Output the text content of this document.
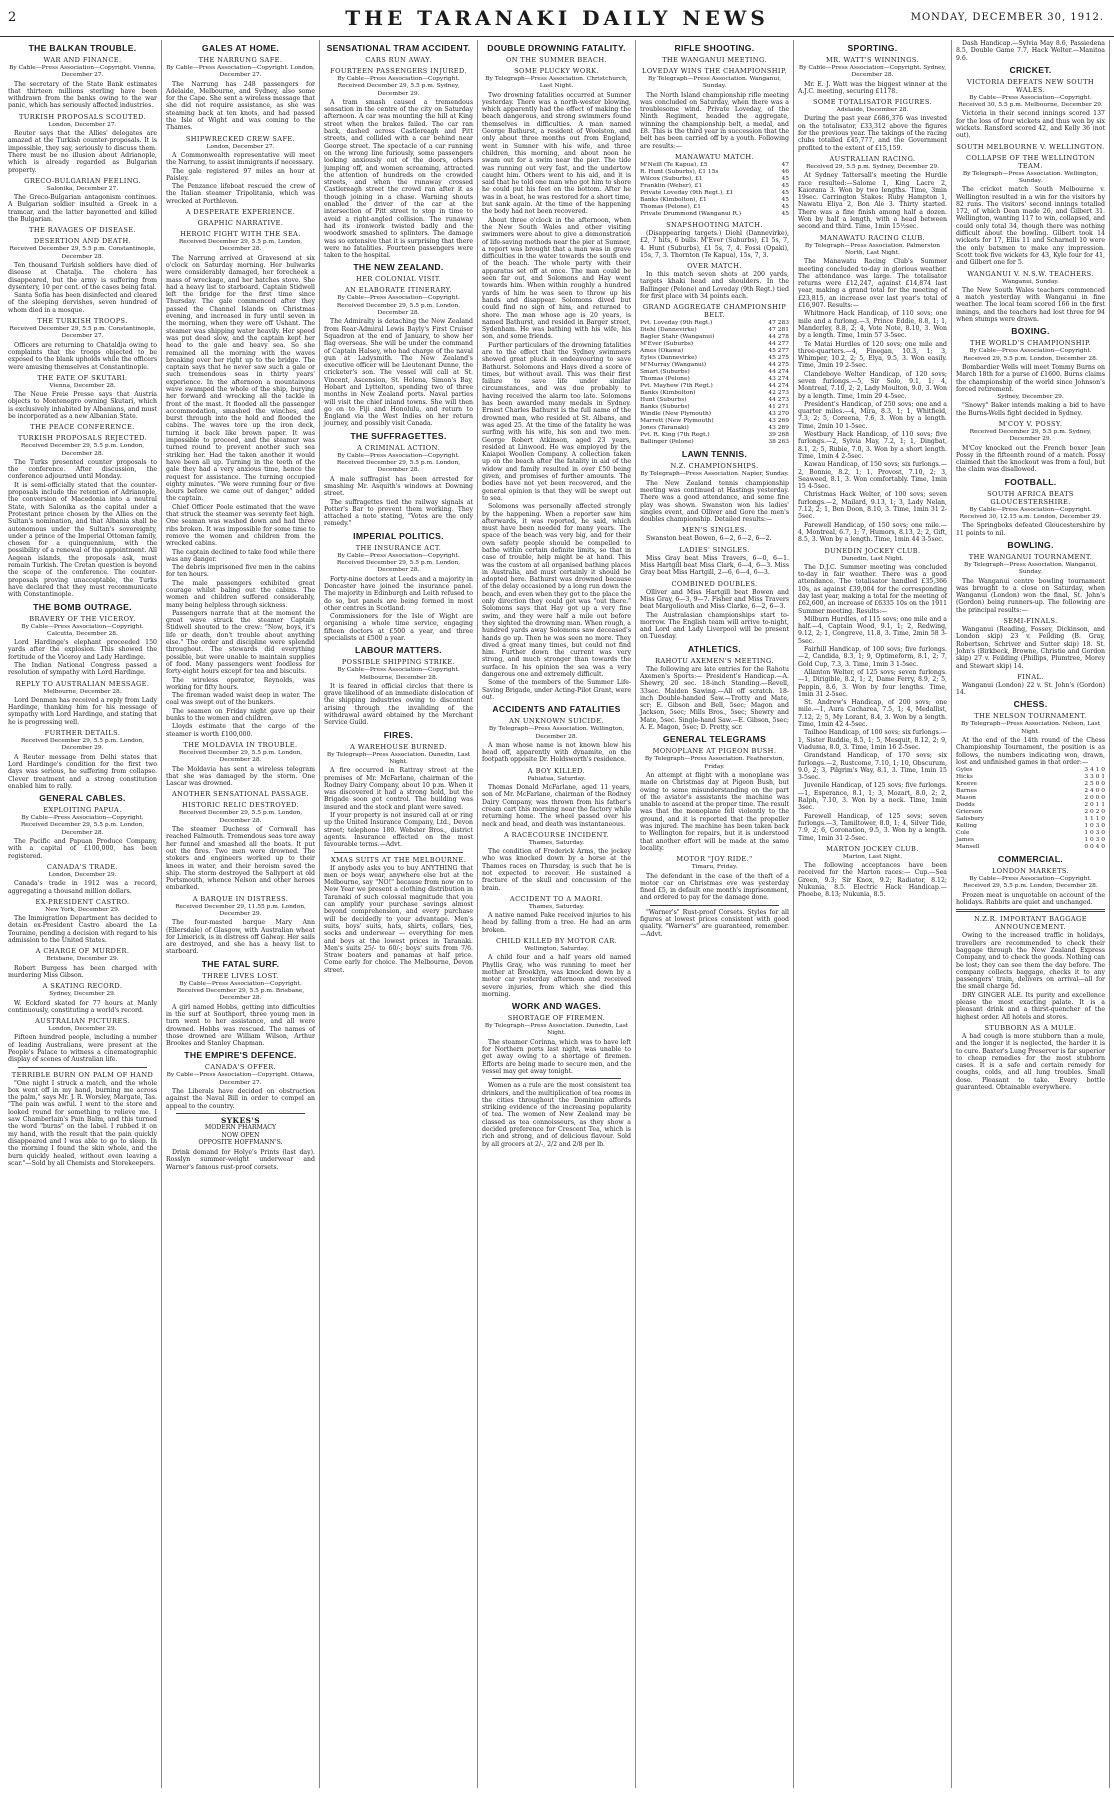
2	THE TARANAKI DAILY NEWS	MONDAY, DECEMBER 30, 1912.
THE BALKAN TROUBLE.
WAR AND FINANCE.
By Cable—Press Association—Copyright. Vienna, December 27.

The secretary of the State Bank estimates that thirteen millions sterling have been withdrawn from the banks owing to the war panic, which has seriously affected industries.

TURKISH PROPOSALS SCOUTED.
London, December 27.

Reuter says that the Allies' delegates are amazed at the Turkish counter-proposals. It is impossible, they say, seriously to discuss them. There must be no illusion about Adrianople, which is already regarded as Bulgarian property.

GRECO-BULGARIAN FEELING.
Salonika, December 27.

The Greco-Bulgarian antagonism continues. A Bulgarian soldier insulted a Greek in a tramcar, and the latter bayonetted and killed the Bulgarian.

THE RAVAGES OF DISEASE.
DESERTION AND DEATH.
Received December 29, 5.5 p.m. Constantinople, December 28.

Ten thousand Turkish soldiers have died of disease at Chatalja. The cholera has disappeared, but the army is suffering from dysentery, 10 per cent. of the cases being fatal.

Santa Sofia has been disinfected and cleared of the sleeping dervishes, seven hundred of whom died in a mosque.

THE TURKISH TROOPS.
Received December 29, 5.5 p.m. Constantinople, December 27.

Officers are returning to Chataldja owing to complaints that the troops objected to be exposed to the blank upholds while the officers were amusing themselves at Constantinople.

THE FATE OF SKUTARI.
Vienna, December 28.

The Neue Freie Presse says that Austria objects to Montenegro owning Skutari, which is exclusively inhabited by Albanians, and must be incorporated as a new Albanian State.

THE PEACE CONFERENCE.
TURKISH PROPOSALS REJECTED.
Received December 29, 5.5 p.m. London, December 28.

The Turks presented counter proposals to the conference. After discussion, the conference adjourned until Monday.

It is semi-officially stated that the counter-proposals include the retention of Adrianople, the conversion of Macedonia into a neutral State, with Salonika as the capital under a Protestant prince chosen by the Allies on the Sultan's nomination, and that Albania shall be autonomous under the Sultan's sovereignty, under a prince of the Imperial Ottoman family, chosen for a quinquennium, with the possibility of a renewal of the appointment. All Aegean islands, the proposals ask, must remain Turkish. The Cretan question is beyond the scope of the conference. The counter-proposals proving unacceptable, the Turks have declared that they must recommunicate with Constantinople.

THE BOMB OUTRAGE.
BRAVERY OF THE VICEROY.
By Cable—Press Association—Copyright. Calcutta, December 28.

Lord Hardinge's elephant proceeded 150 yards after the explosion. This showed the fortitude of the Viceroy and Lady Hardinge.

The Indian National Congress passed a resolution of sympathy with Lord Hardinge.

REPLY TO AUSTRALIAN MESSAGE.
Melbourne, December 28.

Lord Denman has received a reply from Lady Hardinge, thanking him for his message of sympathy with Lord Hardinge, and stating that he is progressing well.

FURTHER DETAILS.
Received December 29, 5.5 p.m. London, December 29.

A Reuter message from Delhi states that Lord Hardinge's condition for the first two days was serious, he suffering from collapse. Clever treatment and a strong constitution enabled him to rally.

GENERAL CABLES.
EXPLOITING PAPUA.
By Cable—Press Association—Copyright. Received December 29, 5.5 p.m. London, December 28.

The Pacific and Papuan Produce Company, with a capital of £100,000, has been registered.

CANADA'S TRADE.
London, December 29.

Canada's trade in 1912 was a record, aggregating a thousand million dollars.

EX-PRESIDENT CASTRO.
New York, December 29.

The Immigration Department has decided to detain ex-President Castro aboard the La Touraine, pending a decision with regard to his admission to the United States.

A CHARGE OF MURDER.
Brisbane, December 29.

Robert Burgess has been charged with murdering Miss Gibson.

A SKATING RECORD.
Sydney, December 29.

W. Eckford skated for 77 hours at Manly continuously, constituting a world's record.

AUSTRALIAN PICTURES.
London, December 29.

Fifteen hundred people, including a number of leading Australians, were present at the People's Palace to witness a cinematographic display of scenes of Australian life.

TERRIBLE BURN ON PALM OF HAND

"One night I struck a match, and the whole box went off in my hand, burning me across the palm," says Mr. J. R. Worsley, Margate, Tas. "The pain was awful. I went to the store and looked round for something to relieve me. I saw Chamberlain's Pain Balm, and this turned the word "burns" on the label. I rubbed it on my hand, with the result that the pain quickly disappeared and I was able to go to sleep. In the morning I found the skin whole, and the burn quickly healed, without even leaving a scar."—Sold by all Chemists and Storekeepers.

GALES AT HOME.
THE NARRUNG SAFE.
By Cable—Press Association—Copyright. London, December 27.

The Narrung has 248 passengers for Adelaide, Melbourne, and Sydney, also some for the Cape. She sent a wireless message that she did not require assistance, as she was steaming back at ten knots, and had passed the Isle of Wight and was coming to the Thames.

SHIPWRECKED CREW SAFE.
London, December 27.

A Commonwealth representative will meet the Narrung, to assist immigrants if necessary.

The gale registered 97 miles an hour at Paisley.

The Penzance lifeboat rescued the crew of the Italian steamer Tripolitania, which was wrecked at Porthleven.

A DESPERATE EXPERIENCE.
GRAPHIC NARRATIVE.
HEROIC FIGHT WITH THE SEA.
Received December 29, 5.5 p.m. London, December 28.

The Narrung arrived at Gravesend at six o'clock on Saturday morning. Her bulwarks were considerably damaged, her forecheek a mass of wreckage, and her hatches stove. She had a heavy list to starboard. Captain Stidwell left the bridge for the first time since Thursday. The gale commenced after they passed the Channel Islands on Christmas evening, and increased in fury until seven in the morning, when they were off Ushant. The steamer was shipping water heavily. Her speed was put dead slow, and the captain kept her head to the gale and heavy sea. So she remained all the morning with the waves breaking over her right up to the bridge. The captain says that he never saw such a gale or such tremendous seas in thirty years' experience. In the afternoon a mountainous wave swamped the whole of the ship, burying her forward and wrecking all the tackle in front of the mast. It flooded all the passenger accommodation, smashed the winches, and burst through into the hold and flooded the cabins. The waves tore up the iron deck, turning it back like brown paper. It was impossible to proceed, and the steamer was turned round to prevent another such sea striking her. Had the taken another it would have been all up. Turning in the teeth of the gale they had a very anxious time, hence the request for assistance. The turning occupied eighty minutes. "We were running four or five hours before we came out of danger," added the captain.

Chief Officer Poole estimated that the wave that struck the steamer was seventy feet high. One seaman was washed down and had three ribs broken. It was impossible for some time to remove the women and children from the wrecked cabins.

The captain declined to take food while there was any danger.

The debris imprisoned five men in the cabins for ten hours.

The male passengers exhibited great courage whilst baling out the cabins. The women and children suffered considerably, many being helpless through sickness.

Passengers narrate that at the moment the great wave struck the steamer Captain Stidwell shouted to the crew: "Now, boys, it's life or death, don't trouble about anything else." The order and discipline were splendid throughout. The stewards did everything possible, but were unable to maintain supplies of food. Many passengers went foodless for forty-eight hours except for tea and biscuits.

The wireless operator, Reynolds, was working for fifty hours.

The fireman waded waist deep in water. The coal was swept out of the bunkers.

The seamen on Friday night gave up their bunks to the women and children.

Lloyds estimate that the cargo of the steamer is worth £100,000.

THE MOLDAVIA IN TROUBLE.
Received December 29, 5.5 p.m. London, December 28.

The Moldavia has sent a wireless telegram that she was damaged by the storm. One Lascar was drowned.

ANOTHER SENSATIONAL PASSAGE.
HISTORIC RELIC DESTROYED.
Received December 29, 5.5 p.m. London, December 28.

The steamer Duchess of Cornwall has reached Falmouth. Tremendous seas tore away her funnel and smashed all the boats. It put out the fires. Two men were drowned. The stokers and engineers worked up to their knees in water, and their heroism saved the ship. The storm destroyed the Sallyport at old Portsmouth, whence Nelson and other heroes embarked.

A BARQUE IN DISTRESS.
Received December 29, 11.55 p.m. London, December 29.

The four-masted barque Mary Ann (Ellersdale) of Glasgow, with Australian wheat for Limerick, is in distress off Galway. Her sails are destroyed, and she has a heavy list to starboard.

THE FATAL SURF.
THREE LIVES LOST.
By Cable—Press Association—Copyright. Received December 29, 5.5 p.m. Brisbane, December 28.

A girl named Hobbs, getting into difficulties in the surf at Southport, three young men in turn went to her assistance, and all were drowned. Hobbs was rescued. The names of those drowned are William Wilson, Arthur Brookes and Stanley Chapman.

THE EMPIRE'S DEFENCE.
CANADA'S OFFER.
By Cable—Press Association—Copyright. Ottawa, December 27.

The Liberals have decided on obstruction against the Naval Bill in order to compel an appeal to the country.

SYKES'S
MODERN PHARMACY
NOW OPEN
OPPOSITE HOFFMANN'S.

Drink demand for Holye's Prints (last day). Rosslyn summer-weight underwear and Warner's famous rust-proof corsets.

SENSATIONAL TRAM ACCIDENT.
CARS RUN AWAY.
FOURTEEN PASSENGERS INJURED.
By Cable—Press Association—Copyright. Received December 29, 5.5 p.m. Sydney, December 29.

A tram smash caused a tremendous sensation in the centre of the city on Saturday afternoon. A car was mounting the hill at King street when the brakes failed. The car ran back, dashed across Castlereagh and Pitt streets, and collided with a car behind near George street. The spectacle of a car running on the wrong line furiously, some passengers looking anxiously out of the doors, others jumping off, and women screaming, attracted the attention of hundreds on the crowded streets, and when the runaway crossed Castlereagh street the crowd ran after it as though joining in a chase. Warning shouts enabled the driver of the car at the intersection of Pitt street to stop in time to avoid a right-angled collision. The runaway had its ironwork twisted badly and the woodwork smashed to splinters. The damage was so extensive that it is surprising that there were no fatalities. Fourteen passengers were taken to the hospital.

THE NEW ZEALAND.
HER COLONIAL VISIT.
AN ELABORATE ITINERARY.
By Cable—Press Association—Copyright. Received December 29, 5.5 p.m. London, December 28.

The Admiralty is detaching the New Zealand from Rear-Admiral Lewis Bayly's First Cruiser Squadron at the end of January, to show her flag overseas. She will be under the command of Captain Halsey, who had charge of the naval gun at Ladysmith. The New Zealand's executive officer will be Lieutenant Dunne, the cricketer's son. The vessel will call at St. Vincent, Ascension, St. Helena, Simon's Bay, Hobart and Lyttelton, spending two of three months in New Zealand ports. Naval parties will visit the chief inland towns. She will then go on to Fiji and Honolulu, and return to England via the West Indies on her return journey, and possibly visit Canada.

THE SUFFRAGETTES.
A CRIMINAL ACTION.
By Cable—Press Association—Copyright. Received December 29, 5.5 p.m. London, December 28.

A male suffragist has been arrested for smashing Mr. Asquith's windows at Downing street.

The suffragettes tied the railway signals at Potter's Bar to prevent them working. They attached a note stating, "Votes are the only remedy."

IMPERIAL POLITICS.
THE INSURANCE ACT.
By Cable—Press Association—Copyright. Received December 29, 5.5 p.m. London, December 28.

Forty-nine doctors at Leeds and a majority in Doncaster have joined the insurance panel. The majority in Edinburgh and Leith refused to do so, but panels are being formed in most other centres in Scotland.

Commissioners for the Isle of Wight are organising a whole time service, engaging fifteen doctors at £500 a year, and three specialists at £500 a year.

LABOUR MATTERS.
POSSIBLE SHIPPING STRIKE.
By Cable—Press Association—Copyright. Melbourne, December 28.

It is feared in official circles that there is grave likelihood of an immediate dislocation of the shipping industries owing to discontent arising through the invaliding of the withdrawal award obtained by the Merchant Service Guild.

FIRES.
A WAREHOUSE BURNED.
By Telegraph—Press Association. Dunedin, Last Night.

A fire occurred in Rattray street at the premises of Mr. McFarlane, chairman of the Rodney Dairy Company, about 10 p.m. When it was discovered it had a strong hold, but the Brigade soon got control. The building was insured and the stock and plant were saved.

If your property is not insured call at or ring up the United Insurance Company, Ltd., Devon street; telephone 180. Webster Bros., district agents. Insurance effected on the most favourable terms.—Advt.

XMAS SUITS AT THE MELBOURNE.

If anybody asks you to buy ANYTHING that men or boys wear, anywhere else but at the Melbourne, say "NO!" because from now on to New Year we present a clothing distribution in Taranaki of such colossal magnitude that you can amplify your purchase savings almost beyond comprehension, and every purchase will be decidedly to your advantage. Men's suits, boys' suits, hats, shirts, collars, ties, socks and underwear — everything for men and boys at the lowest prices in Taranaki. Men's suits 25/- to 60/-; boys' suits from 7/6. Straw boaters and panamas at half price. Come early for choice. The Melbourne, Devon street.

DOUBLE DROWNING FATALITY.
ON THE SUMMER BEACH.
SOME PLUCKY WORK.
By Telegraph—Press Association. Christchurch, Last Night.

Two drowning fatalities occurred at Sumner yesterday. There was a north-wester blowing, which apparently had the effect of making the beach dangerous, and strong swimmers found themselves in difficulties. A man named George Bathurst, a resident of Woolston, and only about three months out from England, went in Sumner with his wife, and three children, this morning, and about noon he swam out for a swim near the pier. The tide was running out very fast, and the undertow caught him. Others went to his aid, and it is said that he told one man who got him to shore he could put his feet on the bottom. After he was in a boat, he was restored for a short time, but sank again. At the time of the happening the body had not been recovered.

About three o'clock in the afternoon, when the New South Wales and other visiting swimmers were about to give a demonstration of life-saving methods near the pier at Sumner, a report was brought that a man was in grave difficulties in the water towards the south end of the beach. The whole party with their apparatus set off at once. The man could be seen far out, and Solomons and Hay went towards him. When within roughly a hundred yards of him he was seen to throw up his hands and disappear. Solomons dived but could find no sign of him, and returned to shore. The man whose age is 20 years, is named Bathurst, and resided in Barger street, Sydenham. He was bathing with his wife, his son, and some friends.

Further particulars of the drowning fatalities are to the effect that the Sydney swimmers showed great pluck in endeavouring to save Bathurst. Solomons and Hays dived a score of times, but without avail. This was their first failure to save life under similar circumstances, and was due probably to having received the alarm too late. Solomons has been awarded many medals in Sydney. Ernest Charles Bathurst is the full name of the drowned man, who resided at St. Albans, and was aged 25. At the time of the fatality he was surfing with his wife, his son and two men. George Robert Atkinson, aged 23 years, resided at Linwood. He was employed by the Kaiapoi Woollen Company. A collection taken up on the beach after the fatality in aid of the widow and family resulted in over £50 being given, and promises of further amounts. The bodies have not yet been recovered, and the general opinion is that they will be swept out to sea.

Solomons was personally affected strongly by the happening. When a reporter saw him afterwards, it was reported, he said, which must have been needed for many years. The space of the beach was very big, and for their own safety people should be compelled to bathe within certain definite limits, so that in case of trouble, help might be at hand. This was the custom at all organised bathing places in Australia, and must certainly it should be adopted here. Bathurst was drowned because of the delay occasioned by a long run down the beach, and even when they got to the place the only direction they could get was "out there." Solomons says that Hay got up a very fine swim, and they were half a mile out before they sighted the drowning man. When rough, a hundred yards away Solomons saw deceased's hands go up. Then he was seen no more. They dived a great many times, but could not find him. Further down the current was very strong, and much stronger than towards the surface. In his opinion the sea was a very dangerous one and extremely difficult.

Some of the members of the Summer Life-Saving Brigade, under Acting-Pilot Grant, were out.

ACCIDENTS AND FATALITIES
AN UNKNOWN SUICIDE.
By Telegraph—Press Association. Wellington, December 28.

A man whose name is not known blew his head off, apparently with dynamite, on the footpath opposite Dr. Holdsworth's residence.

A BOY KILLED.
Pahiatua, Saturday.

Thomas Donald McFarlane, aged 11 years, son of Mr. McFarlane, chairman of the Rodney Dairy Company, was thrown from his father's cream cart this morning near the factory while returning home. The wheel passed over his neck and head, and death was instantaneous.

A RACECOURSE INCIDENT.
Thames, Saturday.

The condition of Frederick Arms, the jockey who was knocked down by a horse at the Thames races on Thursday, is such that he is not expected to recover. He sustained a fracture of the skull and concussion of the brain.

ACCIDENT TO A MAORI.
Thames, Saturday.

A native named Pake received injuries to his head by falling from a tree. He had an arm broken.

CHILD KILLED BY MOTOR CAR.
Wellington, Saturday.

A child four and a half years old named Phyllis Gray, who was running to meet her mother at Brooklyn, was knocked down by a motor car yesterday afternoon and received severe injuries, from which she died this morning.

WORK AND WAGES.
SHORTAGE OF FIREMEN.
By Telegraph—Press Association. Dunedin, Last Night.

The steamer Corinna, which was to have left for Northern ports last night, was unable to get away owing to a shortage of firemen. Efforts are being made to secure men, and the vessel may get away tonight.

Women as a rule are the most consistent tea drinkers, and the multiplication of tea rooms in the cities throughout the Dominion affords striking evidence of the increasing popularity of tea. The women of New Zealand may be classed as tea connoisseurs, as they show a decided preference for Crescent Tea, which is rich and strong, and of delicious flavour. Sold by all grocers at 2/-, 2/2 and 2/8 per lb.

RIFLE SHOOTING.
THE WANGANUI MEETING.
LOVEDAY WINS THE CHAMPIONSHIP.
By Telegraph—Press Association. Wanganui, Sunday.

The North Island championship rifle meeting was concluded on Saturday, when there was a troublesome wind. Private Loveday, of the Ninth Regiment, headed the aggregate, winning the championship belt, a medal, and £8. This is the third year in succession that the belt has been carried off by a youth. Following are results:—

MANAWATU MATCH.
M'Neill (Te Kapua), £5	47
R. Hunt (Suburbs), £1 15s	46
Wilcox (Suburbs), £1	45
Franklin (Weber), £1	45
Private Loveday (9th Regt.), £1	45
Banks (Kimbolton), £1	45
Thomas (Pelone), £1	45
Private Drummond (Wanganui R.)	45
SNAPSHOOTING MATCH.

(Disappearing targets.) Diehl (Dannevirke), £2, 7 hits, 6 bulls. M'Ever (Suburbs), £1 5s, 7, 4. Hunt (Suburbs), £1 5s, 7, 4. Fossi (Opaki), 15s, 7, 3. Thornton (Te Kapua), 15s, 7, 3.

OVER MATCH.

In this match seven shots at 200 yards, targets khaki head and shoulders. In the Ballinger (Pelone) and Loveday (9th Regt.) tied for first place with 34 points each.

GRAND AGGREGATE CHAMPIONSHIP BELT.
Pvt. Loveday (9th Regt.)	47 283
Diehl (Dannevirke)	47 281
Bagler Stahr (Wanganui)	44 278
M'Ever (Suburbs)	44 277
Ames (Okawa)	45 277
Eyles (Dannevirke)	45 275
M'Murray (Wanganui)	44 275
Smart (Suburbs)	44 274
Thomas (Pelone)	43 274
Pvt. Mayhew (7th Regt.)	44 274
Banks (Kimbolton)	42 273
Hunt (Suburbs)	44 273
Banks (Suburbs)	41 271
Windle (New Plymouth)	43 270
Marrett (New Plymouth)	43 269
Jones (Taranaki)	43 269
Pvt. R. King (7th Regt.)	39 268
Ballinger (Pelone)	38 263
LAWN TENNIS.
N.Z. CHAMPIONSHIPS.
By Telegraph—Press Association. Napier, Sunday.

The New Zealand tennis championship meeting was continued at Hastings yesterday. There was a good attendance, and some fine play was shown. Swanston won his ladies' singles event, and Olliver and Gore the men's doubles championship. Detailed results:—

MEN'S SINGLES.

Swanston beat Bowen, 6—2, 6—2, 6—2.

LADIES' SINGLES.

Miss Gray beat Miss Travers, 6—0, 6—1. Miss Hartgill beat Miss Clark, 6—4, 6—3. Miss Gray beat Miss Hartgill, 2—6, 6—4, 6—3.

COMBINED DOUBLES.

Olliver and Miss Hartgill beat Bowen and Miss Gray, 6—3, 9—7. Fisher and Miss Travers beat Margoliouth and Miss Clarke, 6—2, 6—3.

The Australasian championships start to-morrow. The English team will arrive to-night, and Lord and Lady Liverpool will be present on Tuesday.

ATHLETICS.
RAHOTU AXEMEN'S MEETING.

The following are late entries for the Rahotu Axemen's Sports:— President's Handicap.—A. Shewry, 20 sec. 18-inch Standing.—Revell, 33sec. Maiden Sawing.—All off scratch. 18-inch Double-handed Saw.—Trotty and Mate, scr; E. Gibson and Bell, 5sec; Magon and Jackson, 5sec; Mills Bros., 5sec; Shewry and Mate, 5sec. Single-hand Saw.—E. Gibson, 5sec; A. E. Magon, 5sec; D. Pretty, scr.

GENERAL TELEGRAMS
MONOPLANE AT PIGEON BUSH.
By Telegraph—Press Association. Featherston, Friday.

An attempt at flight with a monoplane was made on Christmas day at Pigeon Bush, but owing to some misunderstanding on the part of the aviator's assistants the machine was unable to ascend at the proper time. The result was that the monoplane fell violently to the ground, and it is reported that the propeller was injured. The machine has been taken back to Wellington for repairs, but it is understood that another effort will be made at the same locality.

MOTOR "JOY RIDE."
Timaru, Friday.

The defendant in the case of the theft of a motor car on Christmas eve was yesterday fined £5, in default one month's imprisonment, and ordered to pay for the damage done.

"Warner's" Rust-proof Corsets. Styles for all figures at lowest prices consistent with good quality. "Warner's" are guaranteed, remember.—Advt.

SPORTING.
MR. WATT'S WINNINGS.
By Cable—Press Association—Copyright. Sydney, December 28.

Mr. E. J. Watt was the biggest winner at the A.J.C. meeting, securing £1178.

SOME TOTALISATOR FIGURES.
Adelaide, December 28.

During the past year £686,376 was invested on the totalisator, £33,312 above the figures for the previous year. The takings of the racing clubs totalled £45,777, and the Government profited to the extent of £15,159.

AUSTRALIAN RACING.
Received 29, 5.5 p.m. Sydney, December 29.

At Sydney Tattersall's meeting the Hurdle race resulted:—Salome 1, King Lacre 2, Kaiorana 3. Won by two lengths. Time, 3min 19sec. Carrington Stakes: Ruby Hampton 1, Nawatu Eliya 2, Bon Ale 3. Thirty started. There was a fine finish among half a dozen. Won by half a length, with a head between second and third. Time, 1min 15½sec.

MANAWATU RACING CLUB.
By Telegraph—Press Association. Palmerston North, Last Night.

The Manawatu Racing Club's Summer meeting concluded to-day in glorious weather. The attendance was large. The totalisator returns were £12,247, against £14,874 last year, making a grand total for the meeting of £23,815, an increase over last year's total of £16,907. Results:—

Whitmore Hack Handicap, of 110 sovs; one mile and a furlong.—3, Prince Eddie, 8.8, 1; 1, Manderley, 8.8, 2; 4, Vote Note, 8.10, 3. Won by a length. Time, 1min 57 3-5sec.

Te Matai Hurdles of 120 sovs; one mile and three-quarters.—4, Finegan, 10.3, 1; 3, Whimper, 10.2, 2; 5, Elya, 9.5, 3. Won easily. Time, 3min 19 2-5sec.

Clandeboye Welter Handicap, of 120 sovs; seven furlongs.—5, Sir Solo, 9.1, 1; 4, Montreal, 7.10, 2; 2, Lady Moulton, 9.0, 3. Won by a length. Time, 1min 29 4-5sec.

President's Handicap, of 250 sovs; one and a quarter miles.—4, Mira, 8.3, 1; 1, Whitfield, 7.3, 2; 5, Coreena, 7.6, 3. Won by a length. Time, 2min 10 1-5sec.

Westbury Hack Handicap, of 110 sovs; five furlongs.—2, Sylvia May, 7.2, 1; 1, Dingbat, 8.1, 2; 5, Rubie, 7.0, 3. Won by a short length. Time, 1min 4 2-5sec.

Kawau Handicap, of 150 sovs; six furlongs.—2, Bonnie, 8.2, 1; 1, Provost, 7.10, 2; 3, Seaweed, 8.1, 3. Won comfortably. Time, 1min 15 4-5sec.

Christmas Hack Welter, of 100 sovs; seven furlongs.—2, Mailard, 9.13, 1; 3, Lady Nelan, 7.12, 2; 1, Ben Doon, 8.10, 3. Time, 1min 31 2-5sec.

Farewell Handicap, of 150 sovs; one mile.—4, Montreal, 6.7, 1; 7, Humors, 8.13, 2; 2, Gift, 8.5, 3. Won by a length. Time, 1min 44 3-5sec.

DUNEDIN JOCKEY CLUB.
Dunedin, Last Night.

The D.J.C. Summer meeting was concluded to-day in fair weather. There was a good attendance. The totalisator handled £35,366 10s, as against £39,004 for the corresponding day last year, making a total for the meeting of £62,600, an increase of £6335 10s on the 1911 Summer meeting. Results:—

Milburn Hurdles, of 115 sovs; one mile and a half.—4, Captain Wood, 9.1, 1; 2, Redwing, 9.12, 2; 1, Congreve, 11.8, 3. Time, 2min 58 3-5sec.

Fairhill Handicap, of 100 sovs; five furlongs.—2, Candida, 8.3, 1; 9, Optimeform, 8.1, 2; 7, Gold Cup, 7.3, 3. Time, 1min 3 1-5sec.

Allanton Welter, of 125 sovs; seven furlongs.—1, Dirigible, 8.2, 1; 2, Dame Ferry, 8.9, 2; 5, Peppin, 8.6, 3. Won by four lengths. Time, 1min 31 2-5sec.

St. Andrew's Handicap, of 200 sovs; one mile.—1, Aura Cacharea, 7.5, 1; 4, Medallist, 7.12, 2; 5, My Lorant, 8.4, 3. Won by a length. Time, 1min 42 4-5sec.

Tailhoo Handicap, of 100 sovs; six furlongs.—1, Sister Ruddie, 8.5, 1; 5, Mesquit, 8.12, 2; 9, Viaduma, 8.0, 3. Time, 1min 16 2-5sec.

Grandstand Handicap, of 170 sovs; six furlongs.—2, Rustcome, 7.10, 1; 10, Obscurum, 9.0, 2; 3, Pilgrim's Way, 8.1, 3. Time, 1min 15 3-5sec.

Juvenile Handicap, of 125 sovs; five furlongs.—1, Esperance, 8.1, 1; 3, Mozart, 8.0, 2; 2, Ralph, 7.10, 3. Won by a neck. Time, 1min 3sec.

Farewell Handicap, of 125 sovs; seven furlongs.—3, Tamiltower, 8.0, 1; 4, Silver Tide, 7.9, 2; 6, Coronation, 9.5, 3. Won by a length. Time, 1min 31 2-5sec.

MARTON JOCKEY CLUB.
Marton, Last Night.

The following acceptances have been received for the Marton races:— Cup.—Sea Green, 9.3; Sir Knox, 9.2; Radiator, 8.12; Nukunia, 8.5. Electric Hack Handicap.—Phoebe, 8.13; Nukunia, 8.5.

Dash Handicap.—Sylvia May 8.6, Passiedena 8.5, Double Game 7.7, Hack Welter.—Manitoa 9.6.

CRICKET.
VICTORIA DEFEATS NEW SOUTH WALES.
By Cable—Press Association—Copyright. Received 30, 5.5 p.m. Melbourne, December 29.

Victoria in their second innings scored 137 for the loss of four wickets and thus won by six wickets. Ransford scored 42, and Kelly 36 (not out).

SOUTH MELBOURNE V. WELLINGTON.
COLLAPSE OF THE WELLINGTON TEAM.
By Telegraph—Press Association. Wellington, Sunday.

The cricket match South Melbourne v. Wellington resulted in a win for the visitors by 82 runs. The visitors' second innings totalled 172, of which Dean made 26, and Gilbert 31. Wellington, wanting 117 to win, collapsed, and could only total 34, though there was nothing difficult about the bowling. Gilbert took 14 wickets for 17, Ellis 11 and Scharnell 10 were the only batsmen to make any impression. Scott took five wickets for 43, Kyle four for 41, and Gilbert one for 5.

WANGANUI V. N.S.W. TEACHERS.
Wanganui, Sunday.

The New South Wales teachers commenced a match yesterday with Wanganui in fine weather. The local team scored 166 in the first innings, and the teachers had lost three for 94 when stumps were drawn.

BOXING.
THE WORLD'S CHAMPIONSHIP.
By Cable—Press Association—Copyright. Received 29, 5.5 p.m. London, December 28.

Bombardier Wells will meet Tommy Burns on March 18th for a purse of £1600. Burns claims the championship of the world since Johnson's forced retirement.

Sydney, December 29.

"Snowy" Baker intends making a bid to have the Burns-Wells fight decided in Sydney.

M'COY V. POSSY.
Received December 29, 5.5 p.m. Sydney, December 29.

M'Coy knocked out the French boxer Jean Possy in the fifteenth round of a match. Possy claimed that the knockout was from a foul, but the claim was disallowed.

FOOTBALL.
SOUTH AFRICA BEATS GLOUCESTERSHIRE.
By Cable—Press Association—Copyright. Received 30, 12.15 a.m. London, December 29.

The Springboks defeated Gloucestershire by 11 points to nil.

BOWLING.
THE WANGANUI TOURNAMENT.
By Telegraph—Press Association. Wanganui, Sunday.

The Wanganui centre bowling tournament was brought to a close on Saturday, when Wanganui (London) won the final, St. John's (Gordon) being runners-up. The following are the principal results:—

SEMI-FINALS.

Wanganui (Reading, Fossey, Dickinson, and London skip) 23 v. Feilding (B. Gray, Robertson, Schriver and Sutter skip) 18. St. John's (Birkbeck, Browne, Christie and Gordon skip) 27 v. Feilding (Phillips, Plumtree, Morey and Stewart skip) 14.

FINAL.

Wanganui (London) 22 v. St. John's (Gordon) 14.

CHESS.
THE NELSON TOURNAMENT.
By Telegraph—Press Association. Nelson, Last Night.

At the end of the 14th round of the Chess Championship Tournament, the position is as follows, the numbers indicating won, drawn, lost and unfinished games in that order:—

Gyles	3 4 1 0
Hicks	3 3 0 1
Kreeve	2 5 0 0
Barnes	2 4 0 0
Mason	2 0 0 0
Dodds	2 0 1 1
Grierson	2 0 2 0
Salisbury	1 1 1 0
Kelling	1 0 3 0
Cole	1 0 3 0
James	1 0 3 0
Mansell	0 0 4 0
COMMERCIAL.
LONDON MARKETS.
By Cable—Press Association—Copyright. Received 29, 5.5 p.m. London, December 28.

Frozen meat is unquotable on account of the holidays. Rabbits are quiet and unchanged.

N.Z.R. IMPORTANT BAGGAGE ANNOUNCEMENT.

Owing to the increased traffic in holidays, travellers are recommended to check their baggage through the New Zealand Express Company, and to check the goods. Nothing can be lost; they can see them the day before. The company collects baggage, checks it to any passengers' train, delivers on arrival—all for the small charge 5d.

DRY GINGER ALE. Its purity and excellence please the most exacting palate. It is a pleasant drink and a thirst-quencher of the highest order. All hotels and stores.

STUBBORN AS A MULE.

A bad cough is more stubborn than a mule, and the longer it is neglected, the harder it is to cure. Baxter's Lung Preserver is far superior to cheap remedies for the most stubborn cases. It is a safe and certain remedy for coughs, colds, and all lung troubles. Small dose. Pleasant to take. Every bottle guaranteed. Obtainable everywhere.
